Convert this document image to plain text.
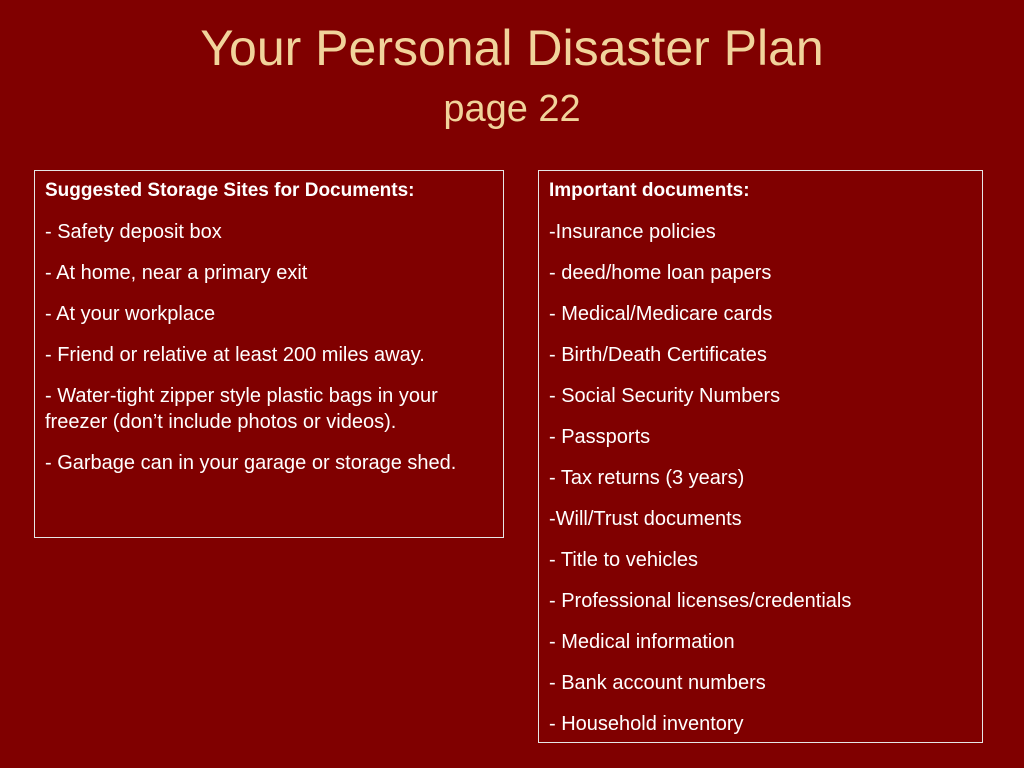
Your Personal Disaster Plan
page 22
Suggested Storage Sites for Documents:
- Safety deposit box
- At home, near a primary exit
- At your workplace
- Friend or relative at least 200 miles away.
- Water-tight zipper style plastic bags in your freezer (don’t include photos or videos).
- Garbage can in your garage or storage shed.
Important documents:
-Insurance policies
- deed/home loan papers
- Medical/Medicare cards
- Birth/Death Certificates
- Social Security Numbers
- Passports
- Tax returns (3 years)
-Will/Trust documents
- Title to vehicles
- Professional licenses/credentials
- Medical information
- Bank account numbers
- Household inventory
